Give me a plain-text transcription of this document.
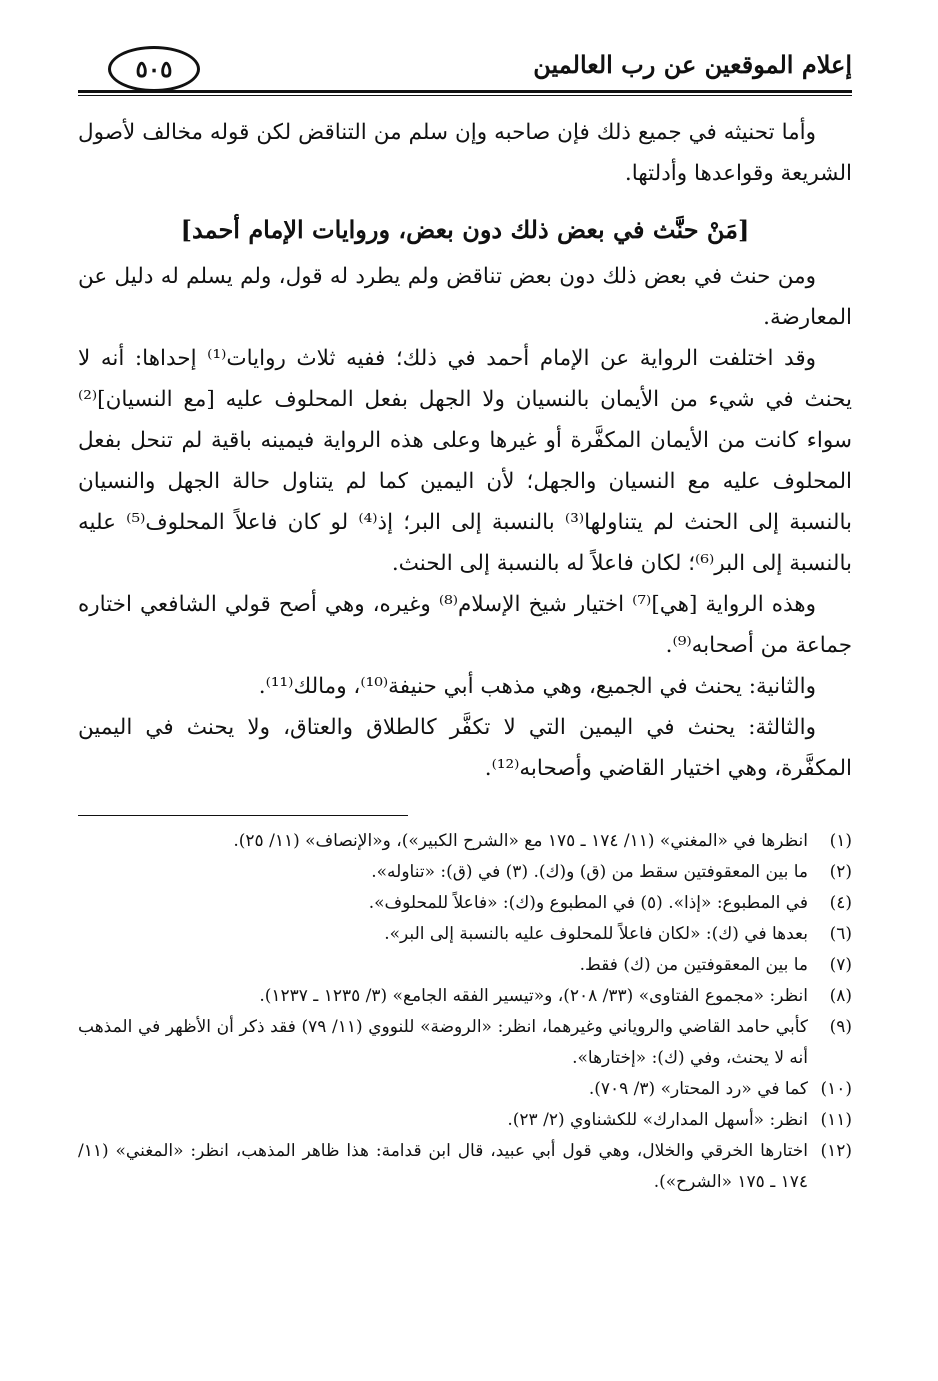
إعلام الموقعين عن رب العالمين
٥٠٥

وأما تحنيثه في جميع ذلك فإن صاحبه وإن سلم من التناقض لكن قوله مخالف لأصول الشريعة وقواعدها وأدلتها.

[مَنْ حنَّث في بعض ذلك دون بعض، وروايات الإمام أحمد]

ومن حنث في بعض ذلك دون بعض تناقض ولم يطرد له قول، ولم يسلم له دليل عن المعارضة.

وقد اختلفت الرواية عن الإمام أحمد في ذلك؛ ففيه ثلاث روايات⁽¹⁾ إحداها: أنه لا يحنث في شيء من الأيمان بالنسيان ولا الجهل بفعل المحلوف عليه [مع النسيان]⁽²⁾ سواء كانت من الأيمان المكفَّرة أو غيرها وعلى هذه الرواية فيمينه باقية لم تنحل بفعل المحلوف عليه مع النسيان والجهل؛ لأن اليمين كما لم يتناول حالة الجهل والنسيان بالنسبة إلى الحنث لم يتناولها⁽³⁾ بالنسبة إلى البر؛ إذ⁽⁴⁾ لو كان فاعلاً المحلوف⁽⁵⁾ عليه بالنسبة إلى البر⁽⁶⁾؛ لكان فاعلاً له بالنسبة إلى الحنث.

وهذه الرواية [هي]⁽⁷⁾ اختيار شيخ الإسلام⁽⁸⁾ وغيره، وهي أصح قولي الشافعي اختاره جماعة من أصحابه⁽⁹⁾.

والثانية: يحنث في الجميع، وهي مذهب أبي حنيفة⁽¹⁰⁾، ومالك⁽¹¹⁾.

والثالثة: يحنث في اليمين التي لا تكفَّر كالطلاق والعتاق، ولا يحنث في اليمين المكفَّرة، وهي اختيار القاضي وأصحابه⁽¹²⁾.

(١)
انظرها في «المغني» (١١/ ١٧٤ ـ ١٧٥ مع «الشرح الكبير»)، و«الإنصاف» (١١/ ٢٥).
(٢)
ما بين المعقوفتين سقط من (ق) و(ك). (٣) في (ق): «تناوله».
(٤)
في المطبوع: «إذا». (٥) في المطبوع و(ك): «فاعلاً للمحلوف».
(٦)
بعدها في (ك): «لكان فاعلاً للمحلوف عليه بالنسبة إلى البر».
(٧)
ما بين المعقوفتين من (ك) فقط.
(٨)
انظر: «مجموع الفتاوى» (٣٣/ ٢٠٨)، و«تيسير الفقه الجامع» (٣/ ١٢٣٥ ـ ١٢٣٧).
(٩)
كأبي حامد القاضي والروياني وغيرهما، انظر: «الروضة» للنووي (١١/ ٧٩) فقد ذكر أن الأظهر في المذهب أنه لا يحنث، وفي (ك): «إختارها».
(١٠)
كما في «رد المحتار» (٣/ ٧٠٩).
(١١)
انظر: «أسهل المدارك» للكشناوي (٢/ ٢٣).
(١٢)
اختارها الخرقي والخلال، وهي قول أبي عبيد، قال ابن قدامة: هذا ظاهر المذهب، انظر: «المغني» (١١/ ١٧٤ ـ ١٧٥ «الشرح»).
